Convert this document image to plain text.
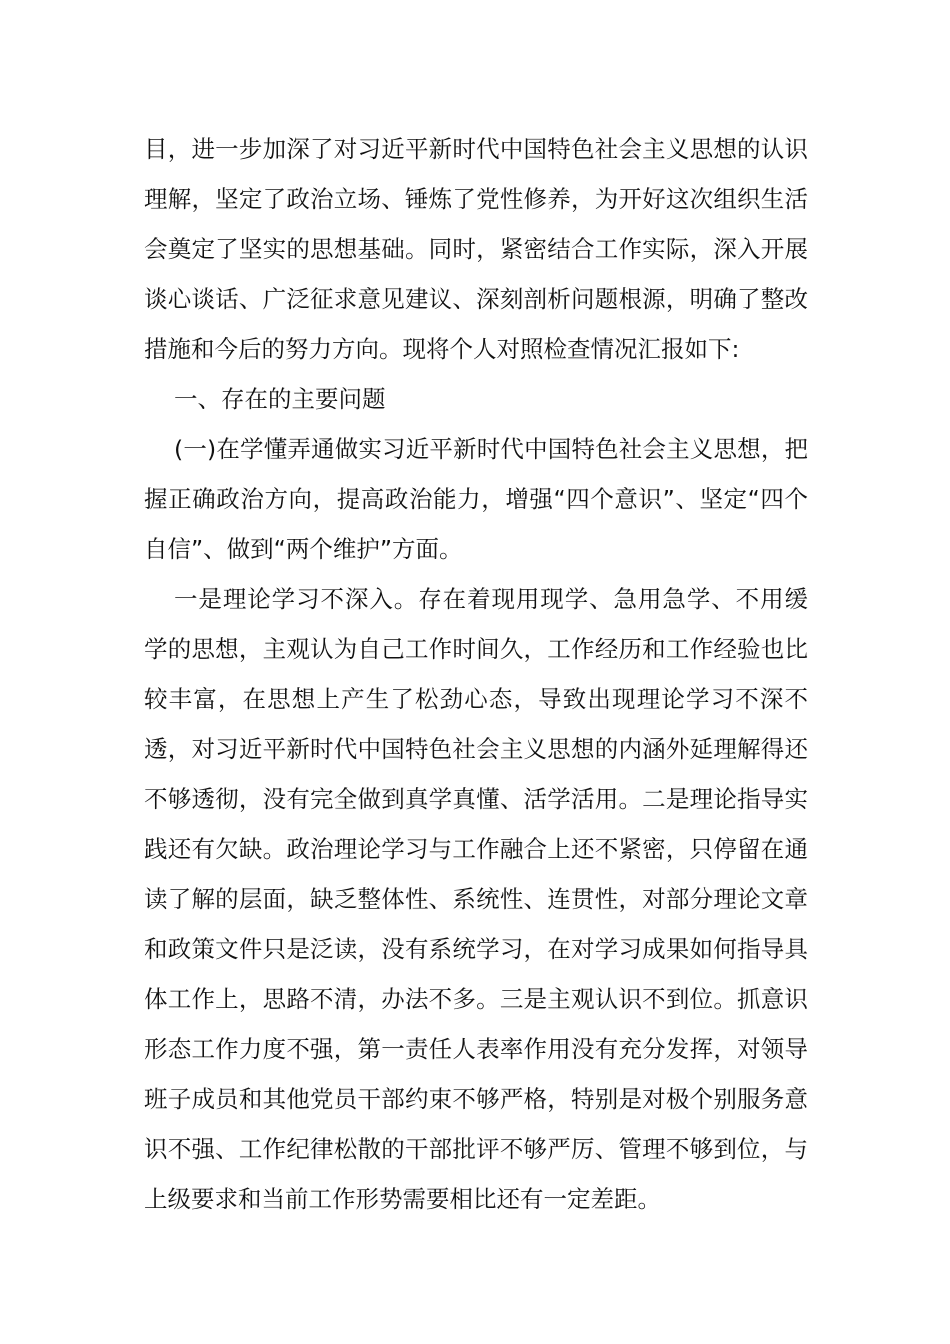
目，进一步加深了对习近平新时代中国特色社会主义思想的认识理解，坚定了政治立场、锤炼了党性修养，为开好这次组织生活会奠定了坚实的思想基础。同时，紧密结合工作实际，深入开展谈心谈话、广泛征求意见建议、深刻剖析问题根源，明确了整改措施和今后的努力方向。现将个人对照检查情况汇报如下:

一、存在的主要问题

(一)在学懂弄通做实习近平新时代中国特色社会主义思想，把握正确政治方向，提高政治能力，增强“四个意识”、坚定“四个自信”、做到“两个维护”方面。

一是理论学习不深入。存在着现用现学、急用急学、不用缓学的思想，主观认为自己工作时间久，工作经历和工作经验也比较丰富，在思想上产生了松劲心态，导致出现理论学习不深不透，对习近平新时代中国特色社会主义思想的内涵外延理解得还不够透彻，没有完全做到真学真懂、活学活用。二是理论指导实践还有欠缺。政治理论学习与工作融合上还不紧密，只停留在通读了解的层面，缺乏整体性、系统性、连贯性，对部分理论文章和政策文件只是泛读，没有系统学习，在对学习成果如何指导具体工作上，思路不清，办法不多。三是主观认识不到位。抓意识形态工作力度不强，第一责任人表率作用没有充分发挥，对领导班子成员和其他党员干部约束不够严格，特别是对极个别服务意识不强、工作纪律松散的干部批评不够严厉、管理不够到位，与上级要求和当前工作形势需要相比还有一定差距。
